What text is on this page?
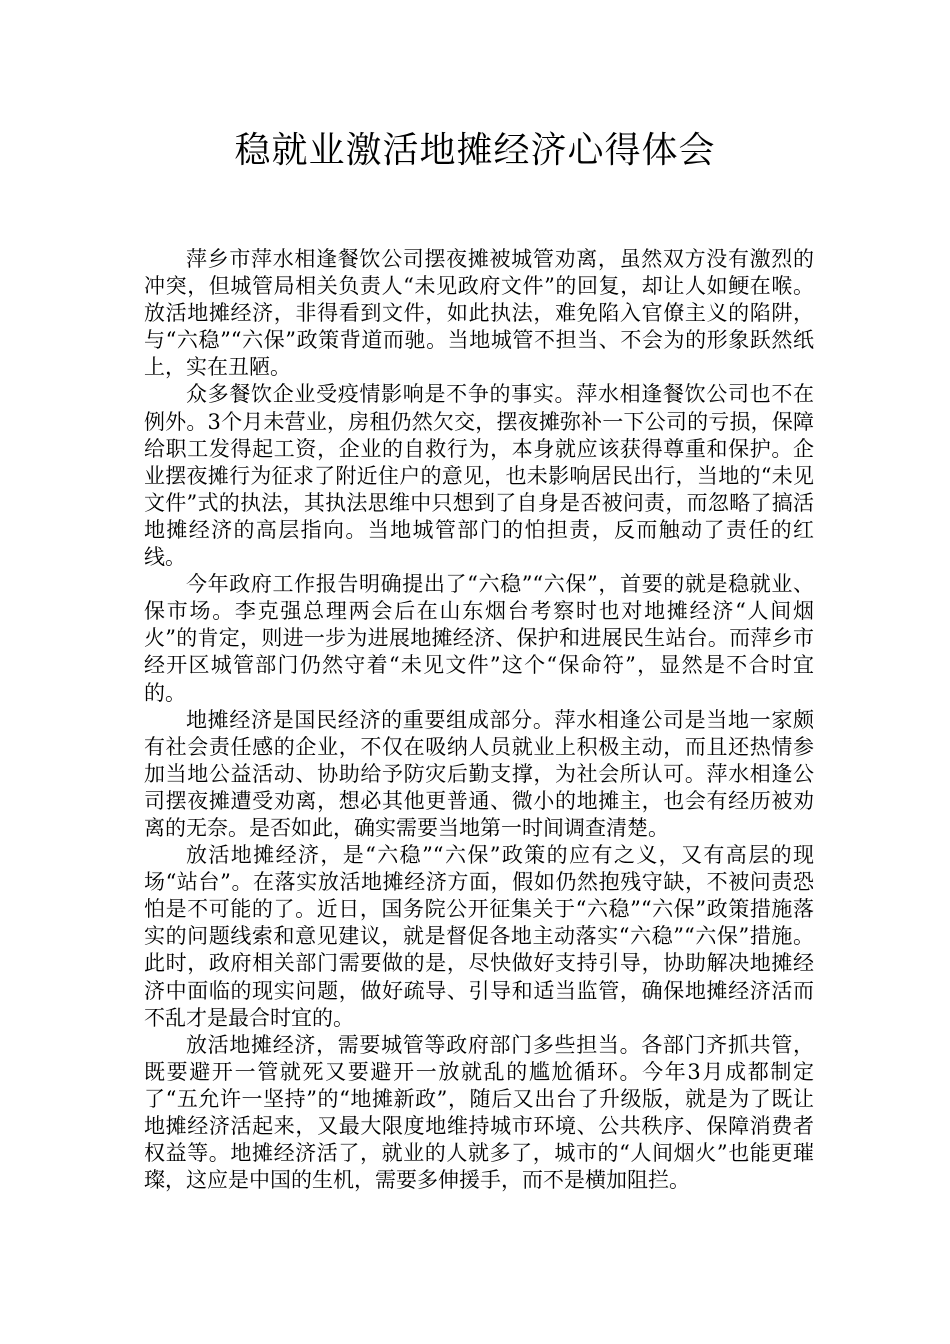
稳就业激活地摊经济心得体会

萍乡市萍水相逢餐饮公司摆夜摊被城管劝离，虽然双方没有激烈的冲突，但城管局相关负责人“未见政府文件”的回复，却让人如鲠在喉。放活地摊经济，非得看到文件，如此执法，难免陷入官僚主义的陷阱，与“六稳”“六保”政策背道而驰。当地城管不担当、不会为的形象跃然纸上，实在丑陋。

众多餐饮企业受疫情影响是不争的事实。萍水相逢餐饮公司也不在例外。3个月未营业，房租仍然欠交，摆夜摊弥补一下公司的亏损，保障给职工发得起工资，企业的自救行为，本身就应该获得尊重和保护。企业摆夜摊行为征求了附近住户的意见，也未影响居民出行，当地的“未见文件”式的执法，其执法思维中只想到了自身是否被问责，而忽略了搞活地摊经济的高层指向。当地城管部门的怕担责，反而触动了责任的红线。

今年政府工作报告明确提出了“六稳”“六保”，首要的就是稳就业、保市场。李克强总理两会后在山东烟台考察时也对地摊经济“人间烟火”的肯定，则进一步为进展地摊经济、保护和进展民生站台。而萍乡市经开区城管部门仍然守着“未见文件”这个“保命符”，显然是不合时宜的。

地摊经济是国民经济的重要组成部分。萍水相逢公司是当地一家颇有社会责任感的企业，不仅在吸纳人员就业上积极主动，而且还热情参加当地公益活动、协助给予防灾后勤支撑，为社会所认可。萍水相逢公司摆夜摊遭受劝离，想必其他更普通、微小的地摊主，也会有经历被劝离的无奈。是否如此，确实需要当地第一时间调查清楚。

放活地摊经济，是“六稳”“六保”政策的应有之义，又有高层的现场“站台”。在落实放活地摊经济方面，假如仍然抱残守缺，不被问责恐怕是不可能的了。近日，国务院公开征集关于“六稳”“六保”政策措施落实的问题线索和意见建议，就是督促各地主动落实“六稳”“六保”措施。此时，政府相关部门需要做的是，尽快做好支持引导，协助解决地摊经济中面临的现实问题，做好疏导、引导和适当监管，确保地摊经济活而不乱才是最合时宜的。

放活地摊经济，需要城管等政府部门多些担当。各部门齐抓共管，既要避开一管就死又要避开一放就乱的尴尬循环。今年3月成都制定了“五允许一坚持”的“地摊新政”，随后又出台了升级版，就是为了既让地摊经济活起来，又最大限度地维持城市环境、公共秩序、保障消费者权益等。地摊经济活了，就业的人就多了，城市的“人间烟火”也能更璀璨，这应是中国的生机，需要多伸援手，而不是横加阻拦。
